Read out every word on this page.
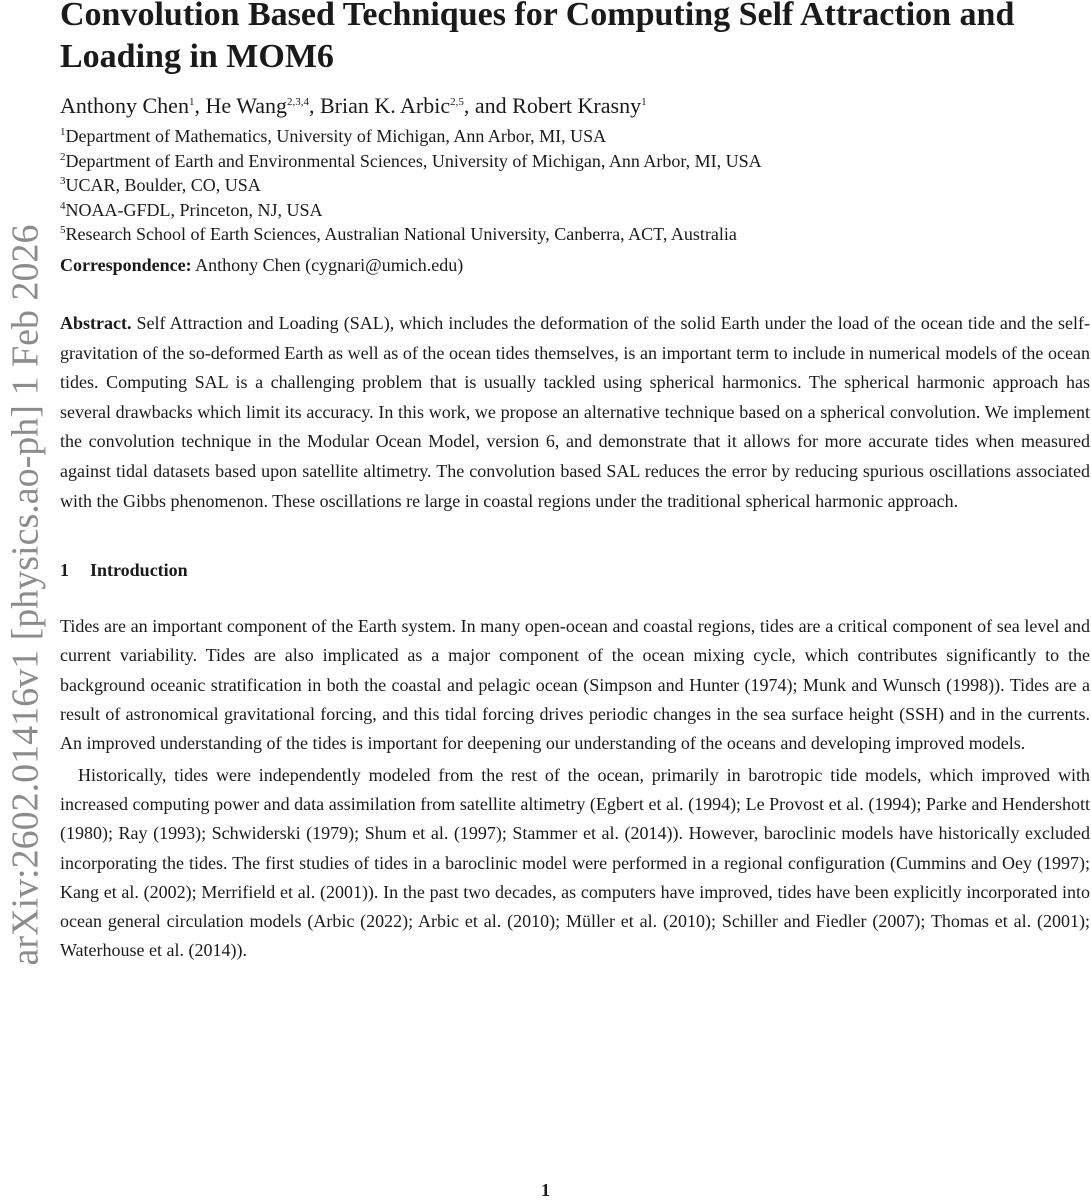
arXiv:2602.01416v1 [physics.ao-ph] 1 Feb 2026
Convolution Based Techniques for Computing Self Attraction and Loading in MOM6
Anthony Chen$^1$, He Wang$^{2,3,4}$, Brian K. Arbic$^{2,5}$, and Robert Krasny$^1$
$^1$Department of Mathematics, University of Michigan, Ann Arbor, MI, USA
$^2$Department of Earth and Environmental Sciences, University of Michigan, Ann Arbor, MI, USA
$^3$UCAR, Boulder, CO, USA
$^4$NOAA-GFDL, Princeton, NJ, USA
$^5$Research School of Earth Sciences, Australian National University, Canberra, ACT, Australia
Correspondence: Anthony Chen (cygnari@umich.edu)
Abstract. Self Attraction and Loading (SAL), which includes the deformation of the solid Earth under the load of the ocean tide and the self-gravitation of the so-deformed Earth as well as of the ocean tides themselves, is an important term to include in numerical models of the ocean tides. Computing SAL is a challenging problem that is usually tackled using spherical harmonics. The spherical harmonic approach has several drawbacks which limit its accuracy. In this work, we propose an alternative technique based on a spherical convolution. We implement the convolution technique in the Modular Ocean Model, version 6, and demonstrate that it allows for more accurate tides when measured against tidal datasets based upon satellite altimetry. The convolution based SAL reduces the error by reducing spurious oscillations associated with the Gibbs phenomenon. These oscillations re large in coastal regions under the traditional spherical harmonic approach.
1 Introduction

Tides are an important component of the Earth system. In many open-ocean and coastal regions, tides are a critical component of sea level and current variability. Tides are also implicated as a major component of the ocean mixing cycle, which contributes significantly to the background oceanic stratification in both the coastal and pelagic ocean (Simpson and Hunter (1974); Munk and Wunsch (1998)). Tides are a result of astronomical gravitational forcing, and this tidal forcing drives periodic changes in the sea surface height (SSH) and in the currents. An improved understanding of the tides is important for deepening our understanding of the oceans and developing improved models.

Historically, tides were independently modeled from the rest of the ocean, primarily in barotropic tide models, which improved with increased computing power and data assimilation from satellite altimetry (Egbert et al. (1994); Le Provost et al. (1994); Parke and Hendershott (1980); Ray (1993); Schwiderski (1979); Shum et al. (1997); Stammer et al. (2014)). However, baroclinic models have historically excluded incorporating the tides. The first studies of tides in a baroclinic model were performed in a regional configuration (Cummins and Oey (1997); Kang et al. (2002); Merrifield et al. (2001)). In the past two decades, as computers have improved, tides have been explicitly incorporated into ocean general circulation models (Arbic (2022); Arbic et al. (2010); Müller et al. (2010); Schiller and Fiedler (2007); Thomas et al. (2001); Waterhouse et al. (2014)).

1
